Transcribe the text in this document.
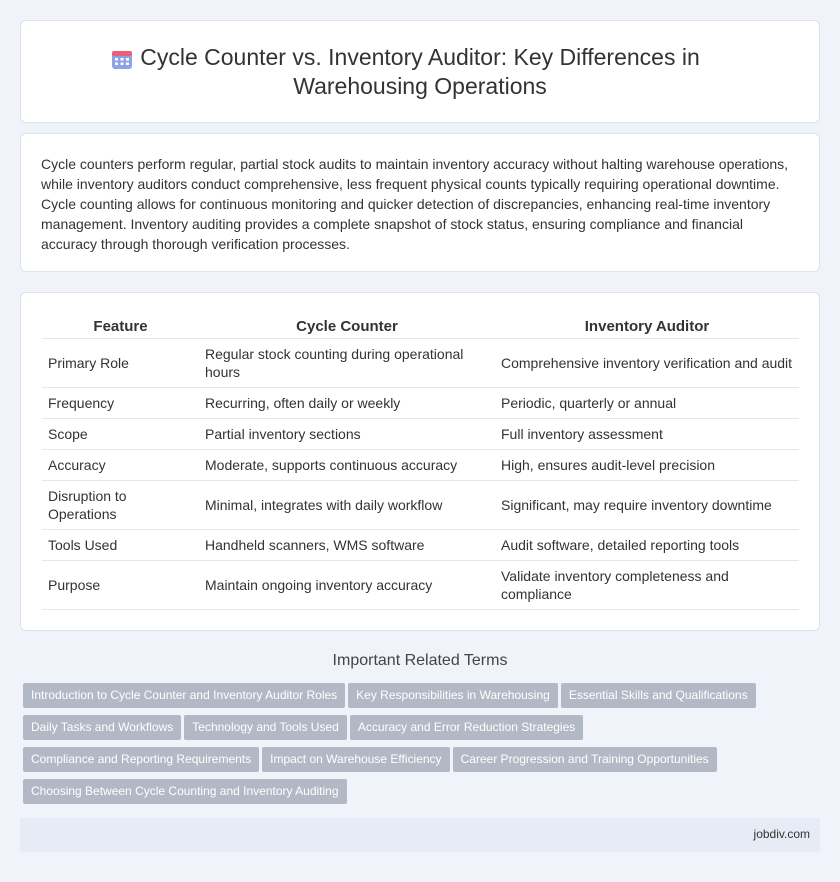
Cycle Counter vs. Inventory Auditor: Key Differences in Warehousing Operations

Cycle counters perform regular, partial stock audits to maintain inventory accuracy without halting warehouse operations, while inventory auditors conduct comprehensive, less frequent physical counts typically requiring operational downtime. Cycle counting allows for continuous monitoring and quicker detection of discrepancies, enhancing real-time inventory management. Inventory auditing provides a complete snapshot of stock status, ensuring compliance and financial accuracy through thorough verification processes.

Feature	Cycle Counter	Inventory Auditor
Primary Role	Regular stock counting during operational hours	Comprehensive inventory verification and audit
Frequency	Recurring, often daily or weekly	Periodic, quarterly or annual
Scope	Partial inventory sections	Full inventory assessment
Accuracy	Moderate, supports continuous accuracy	High, ensures audit-level precision
Disruption to Operations	Minimal, integrates with daily workflow	Significant, may require inventory downtime
Tools Used	Handheld scanners, WMS software	Audit software, detailed reporting tools
Purpose	Maintain ongoing inventory accuracy	Validate inventory completeness and compliance
Important Related Terms
Introduction to Cycle Counter and Inventory Auditor Roles Key Responsibilities in Warehousing Essential Skills and Qualifications
Daily Tasks and Workflows Technology and Tools Used Accuracy and Error Reduction Strategies
Compliance and Reporting Requirements Impact on Warehouse Efficiency Career Progression and Training Opportunities
Choosing Between Cycle Counting and Inventory Auditing
jobdiv.com
